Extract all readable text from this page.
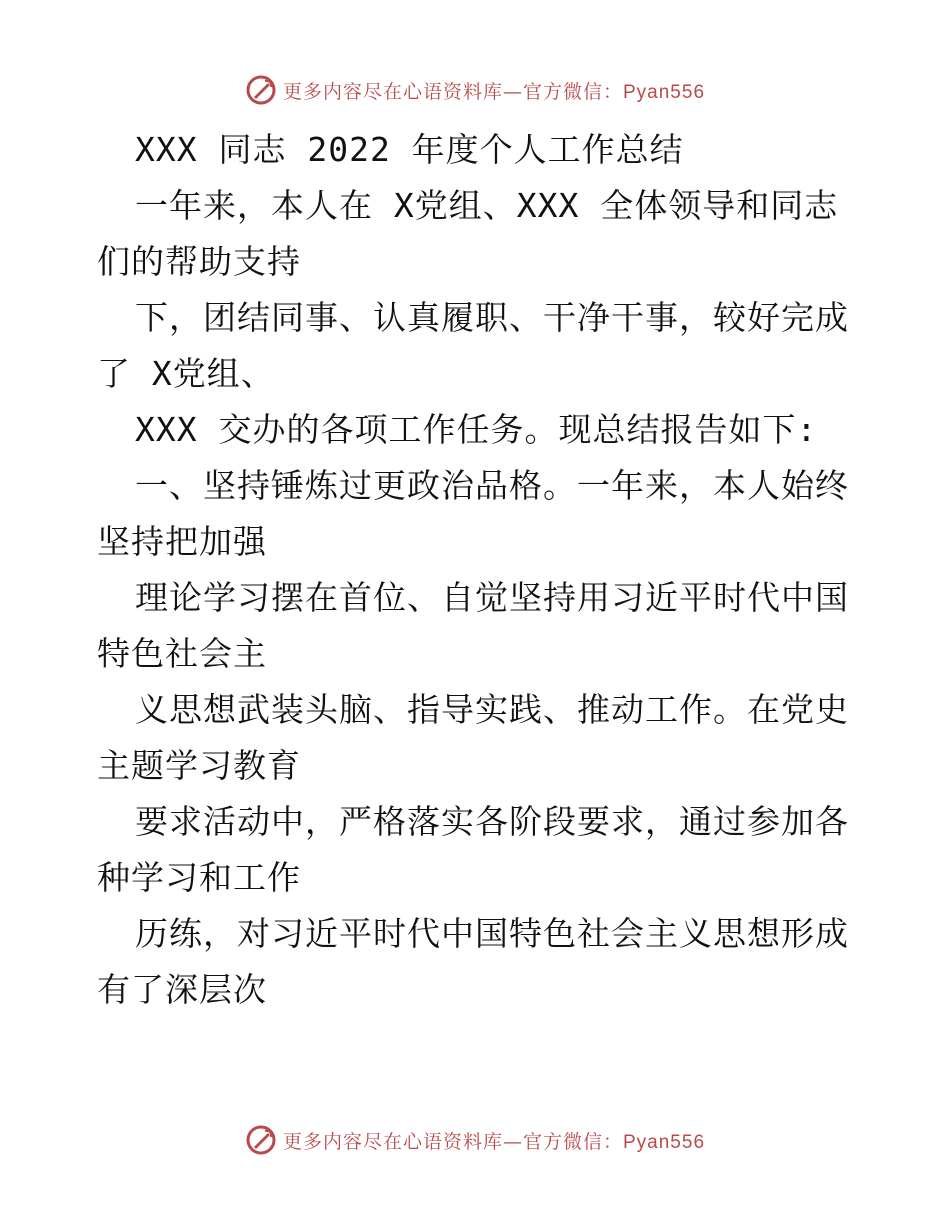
更多内容尽在心语资料库—官方微信：Pyan556
XXX 同志 2022 年度个人工作总结
一年来，本人在 X党组、XXX 全体领导和同志
们的帮助支持
下，团结同事、认真履职、干净干事，较好完成
了 X党组、
XXX 交办的各项工作任务。现总结报告如下:
一、坚持锤炼过更政治品格。一年来，本人始终
坚持把加强
理论学习摆在首位、自觉坚持用习近平时代中国
特色社会主
义思想武装头脑、指导实践、推动工作。在党史
主题学习教育
要求活动中，严格落实各阶段要求，通过参加各
种学习和工作
历练，对习近平时代中国特色社会主义思想形成
有了深层次
更多内容尽在心语资料库—官方微信：Pyan556
